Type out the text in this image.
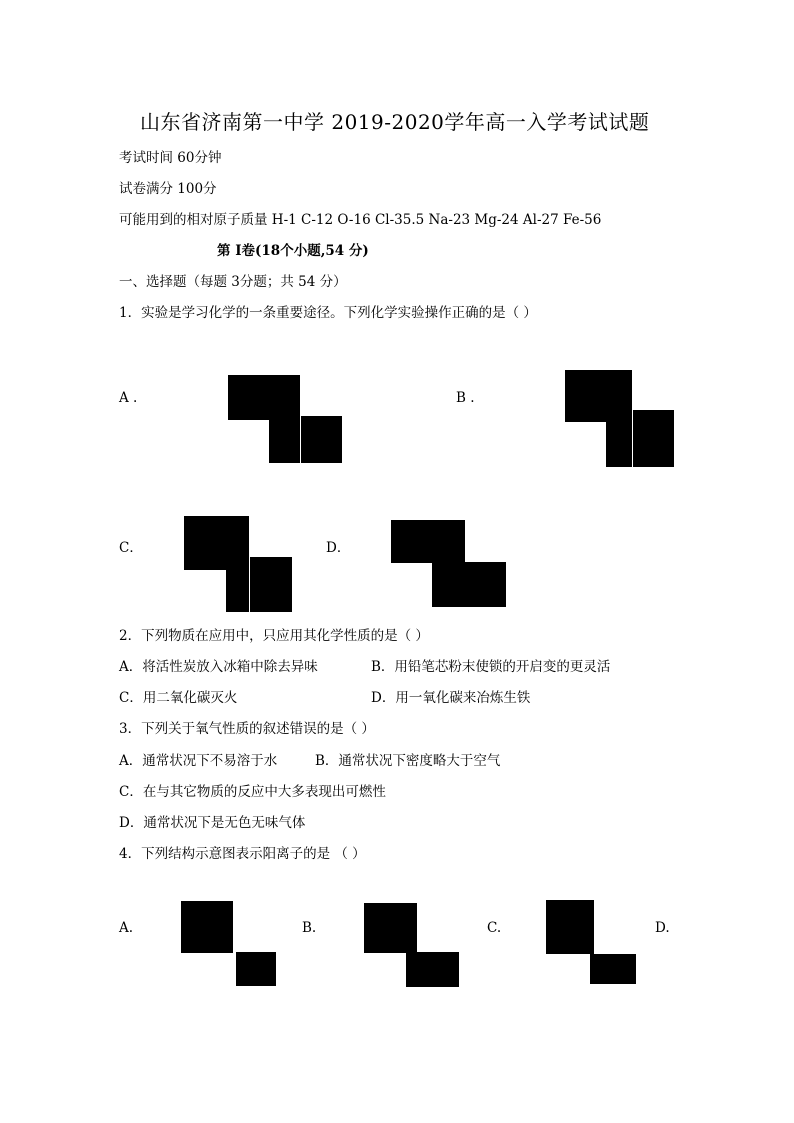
山东省济南第一中学 2019-2020学年高一入学考试试题
考试时间 60分钟
试卷满分 100分
可能用到的相对原子质量 H-1 C-12 O-16 Cl-35.5 Na-23 Mg-24 Al-27 Fe-56
第 I卷(18个小题,54 分)
一、选择题（每题 3分题；共 54 分）
1．实验是学习化学的一条重要途径。下列化学实验操作正确的是（ ）
A .	B .
C．	D．
2．下列物质在应用中，只应用其化学性质的是（ ）
A．将活性炭放入冰箱中除去异味	B．用铅笔芯粉末使锁的开启变的更灵活
C．用二氧化碳灭火	D．用一氧化碳来冶炼生铁
3．下列关于氧气性质的叙述错误的是（ ）
A．通常状况下不易溶于水	B．通常状况下密度略大于空气
C．在与其它物质的反应中大多表现出可燃性
D．通常状况下是无色无味气体
4．下列结构示意图表示阳离子的是 （ ）
A.	B.	C.	D.
